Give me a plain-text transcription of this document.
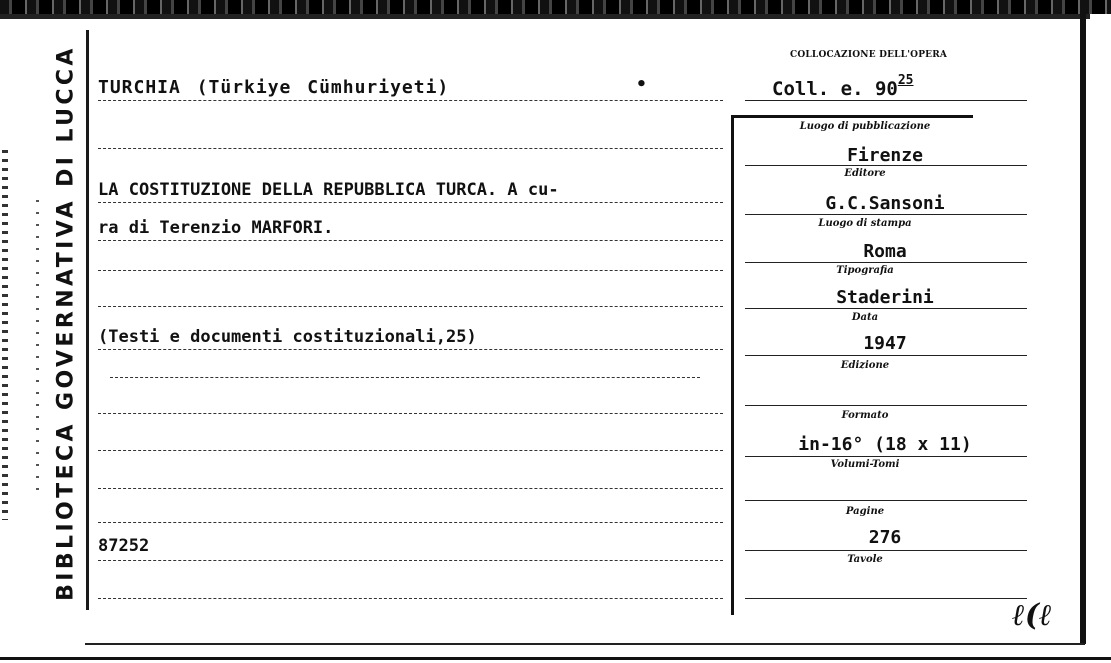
BIBLIOTECA GOVERNATIVA DI LUCCA TURCHIA (Türkiye Cümhuriyeti)	•
LA COSTITUZIONE DELLA REPUBBLICA TURCA. A cu-
ra di Terenzio MARFORI.
(Testi e documenti costituzionali,25)
87252
COLLOCAZIONE DELL'OPERA
Coll. e. $90^{25}$
Luogo di pubblicazione
Firenze
Editore
G.C.Sansoni
Luogo di stampa
Roma
Tipografia
Staderini
Data
1947
Edizione
Formato
in-16° (18 x 11)
Volumi-Tomi
Pagine
276
Tavole
ℓ(ℓ
